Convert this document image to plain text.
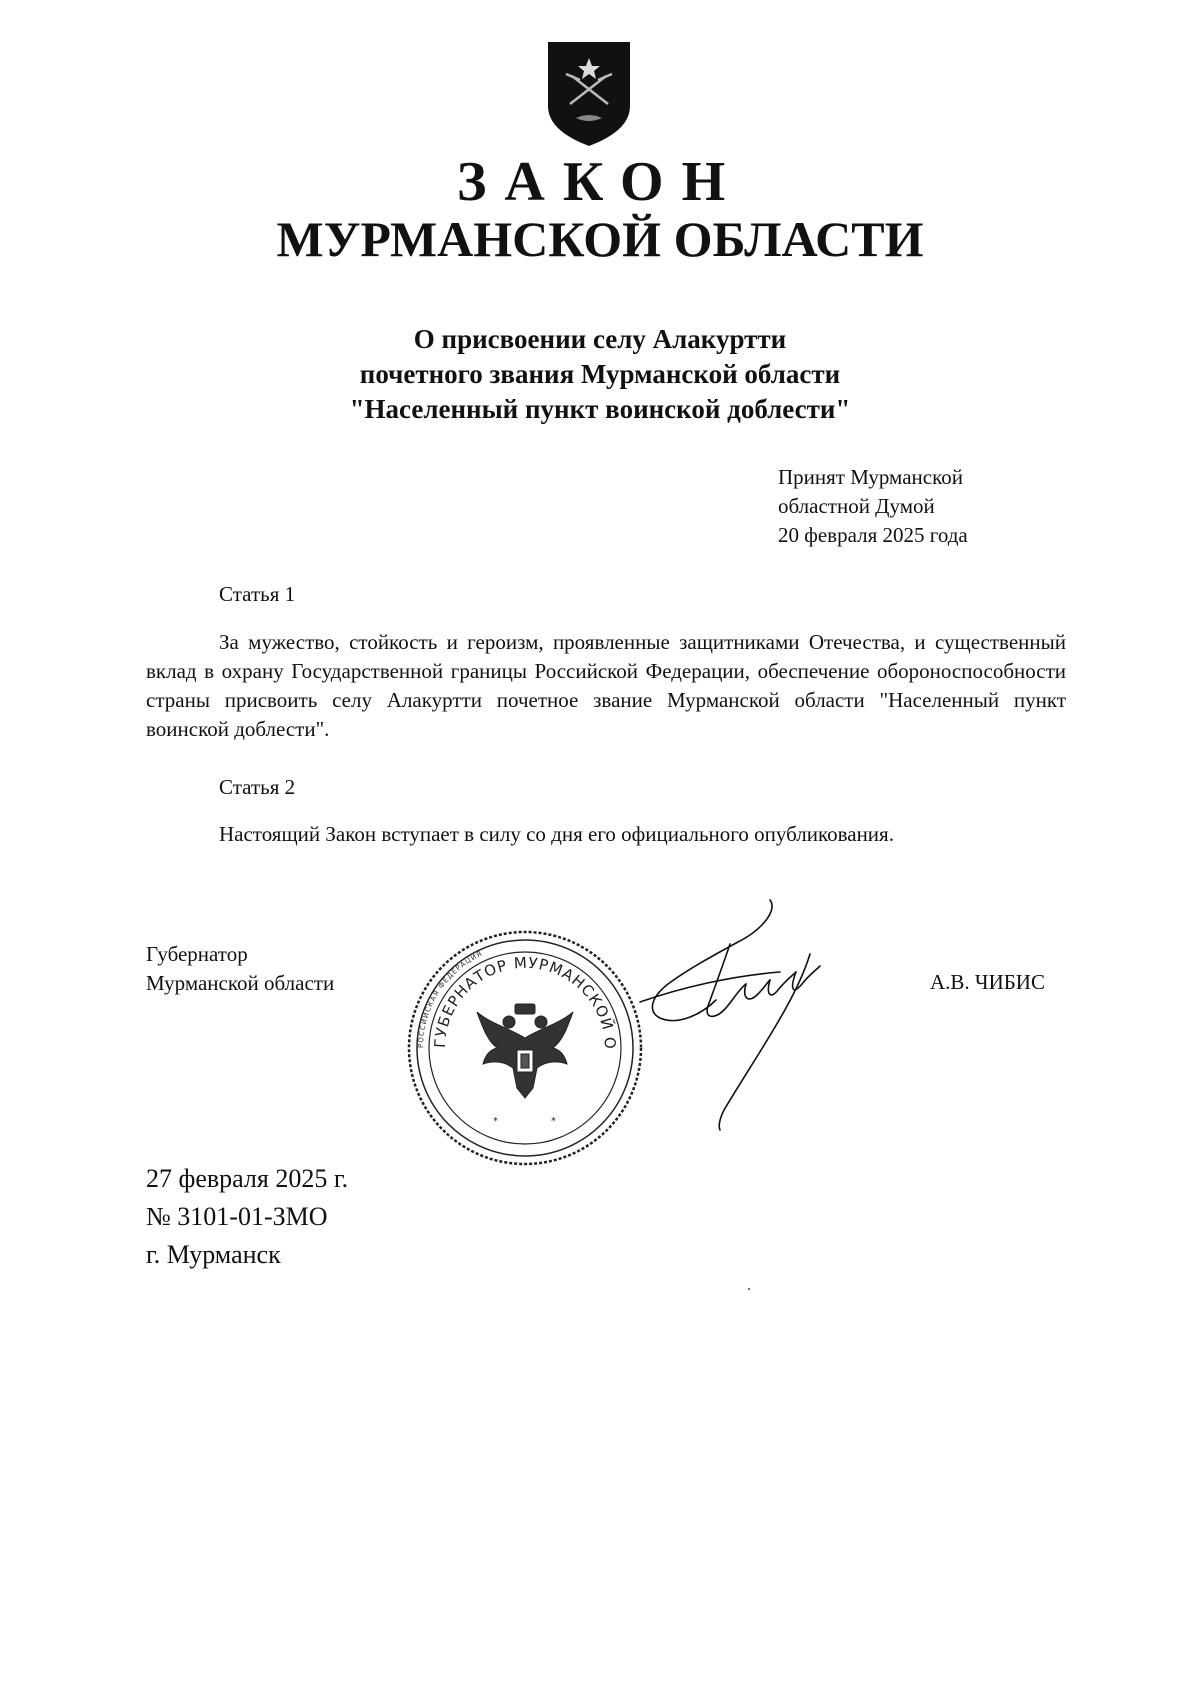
ЗАКОН
МУРМАНСКОЙ ОБЛАСТИ
О присвоении селу Алакуртти
почетного звания Мурманской области
"Населенный пункт воинской доблести"
Принят Мурманской
областной Думой
20 февраля 2025 года
Статья 1
За мужество, стойкость и героизм, проявленные защитниками Отечества, и существенный вклад в охрану Государственной границы Российской Федерации, обеспечение обороноспособности страны присвоить селу Алакуртти почетное звание Мурманской области "Населенный пункт воинской доблести".
Статья 2
Настоящий Закон вступает в силу со дня его официального опубликования.
Губернатор
Мурманской области
РОССИЙСКАЯ ФЕДЕРАЦИЯ
ГУБЕРНАТОР МУРМАНСКОЙ О
*	*
А.В. ЧИБИС
27 февраля 2025 г.
№ 3101-01-ЗМО
г. Мурманск
